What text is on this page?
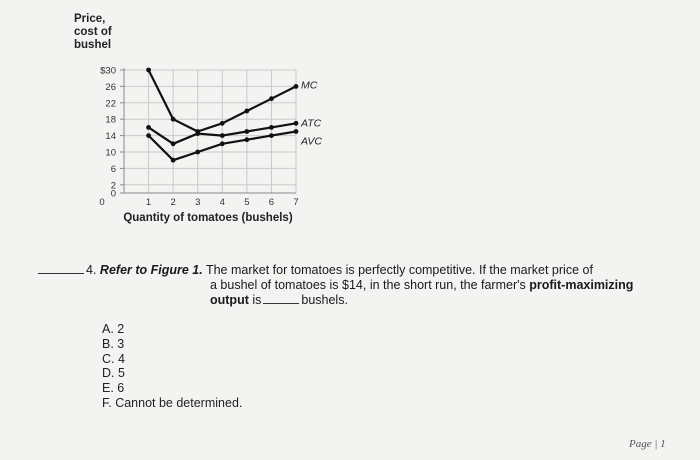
Price,
cost of
bushel
$30
26
22
18
14
10
6
2
0
1 2 3 4 5 6 7
0
Quantity of tomatoes (bushels)
MC
ATC
AVC
4. Refer to Figure 1. The market for tomatoes is perfectly competitive. If the market price of
a bushel of tomatoes is $14, in the short run, the farmer's profit-maximizing
output is	bushels.
A. 2
B. 3
C. 4
D. 5
E. 6
F. Cannot be determined.
Page | 1
